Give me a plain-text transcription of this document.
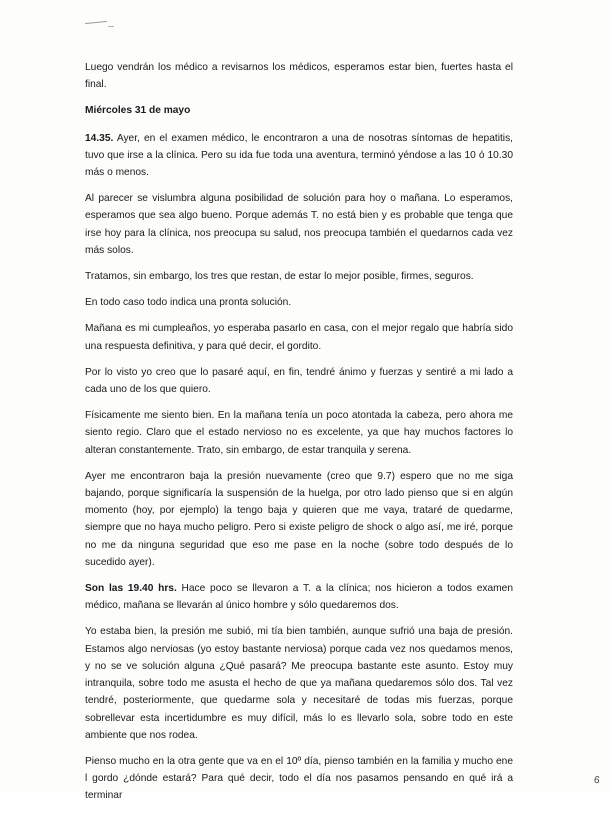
Luego vendrán los médico a revisarnos los médicos, esperamos estar bien, fuertes hasta el final.

Miércoles 31 de mayo

14.35. Ayer, en el examen médico, le encontraron a una de nosotras síntomas de hepatitis, tuvo que irse a la clínica. Pero su ida fue toda una aventura, terminó yéndose a las 10 ó 10.30 más o menos.

Al parecer se vislumbra alguna posibilidad de solución para hoy o mañana. Lo esperamos, esperamos que sea algo bueno. Porque además T. no está bien y es probable que tenga que irse hoy para la clínica, nos preocupa su salud, nos preocupa también el quedarnos cada vez más solos.

Tratamos, sin embargo, los tres que restan, de estar lo mejor posible, firmes, seguros.

En todo caso todo indica una pronta solución.

Mañana es mi cumpleaños, yo esperaba pasarlo en casa, con el mejor regalo que habría sido una respuesta definitiva, y para qué decir, el gordito.

Por lo visto yo creo que lo pasaré aquí, en fin, tendré ánimo y fuerzas y sentiré a mi lado a cada uno de los que quiero.

Físicamente me siento bien. En la mañana tenía un poco atontada la cabeza, pero ahora me siento regio. Claro que el estado nervioso no es excelente, ya que hay muchos factores lo alteran constantemente. Trato, sin embargo, de estar tranquila y serena.

Ayer me encontraron baja la presión nuevamente (creo que 9.7) espero que no me siga bajando, porque significaría la suspensión de la huelga, por otro lado pienso que si en algún momento (hoy, por ejemplo) la tengo baja y quieren que me vaya, trataré de quedarme, siempre que no haya mucho peligro. Pero si existe peligro de shock o algo así, me iré, porque no me da ninguna seguridad que eso me pase en la noche (sobre todo después de lo sucedido ayer).

Son las 19.40 hrs. Hace poco se llevaron a T. a la clínica; nos hicieron a todos examen médico, mañana se llevarán al único hombre y sólo quedaremos dos.

Yo estaba bien, la presión me subió, mi tía bien también, aunque sufrió una baja de presión. Estamos algo nerviosas (yo estoy bastante nerviosa) porque cada vez nos quedamos menos, y no se ve solución alguna ¿Qué pasará? Me preocupa bastante este asunto. Estoy muy intranquila, sobre todo me asusta el hecho de que ya mañana quedaremos sólo dos. Tal vez tendré, posteriormente, que quedarme sola y necesitaré de todas mis fuerzas, porque sobrellevar esta incertidumbre es muy difícil, más lo es llevarlo sola, sobre todo en este ambiente que nos rodea.

Pienso mucho en la otra gente que va en el 10º día, pienso también en la familia y mucho ene l gordo ¿dónde estará? Para qué decir, todo el día nos pasamos pensando en qué irá a terminar

6
